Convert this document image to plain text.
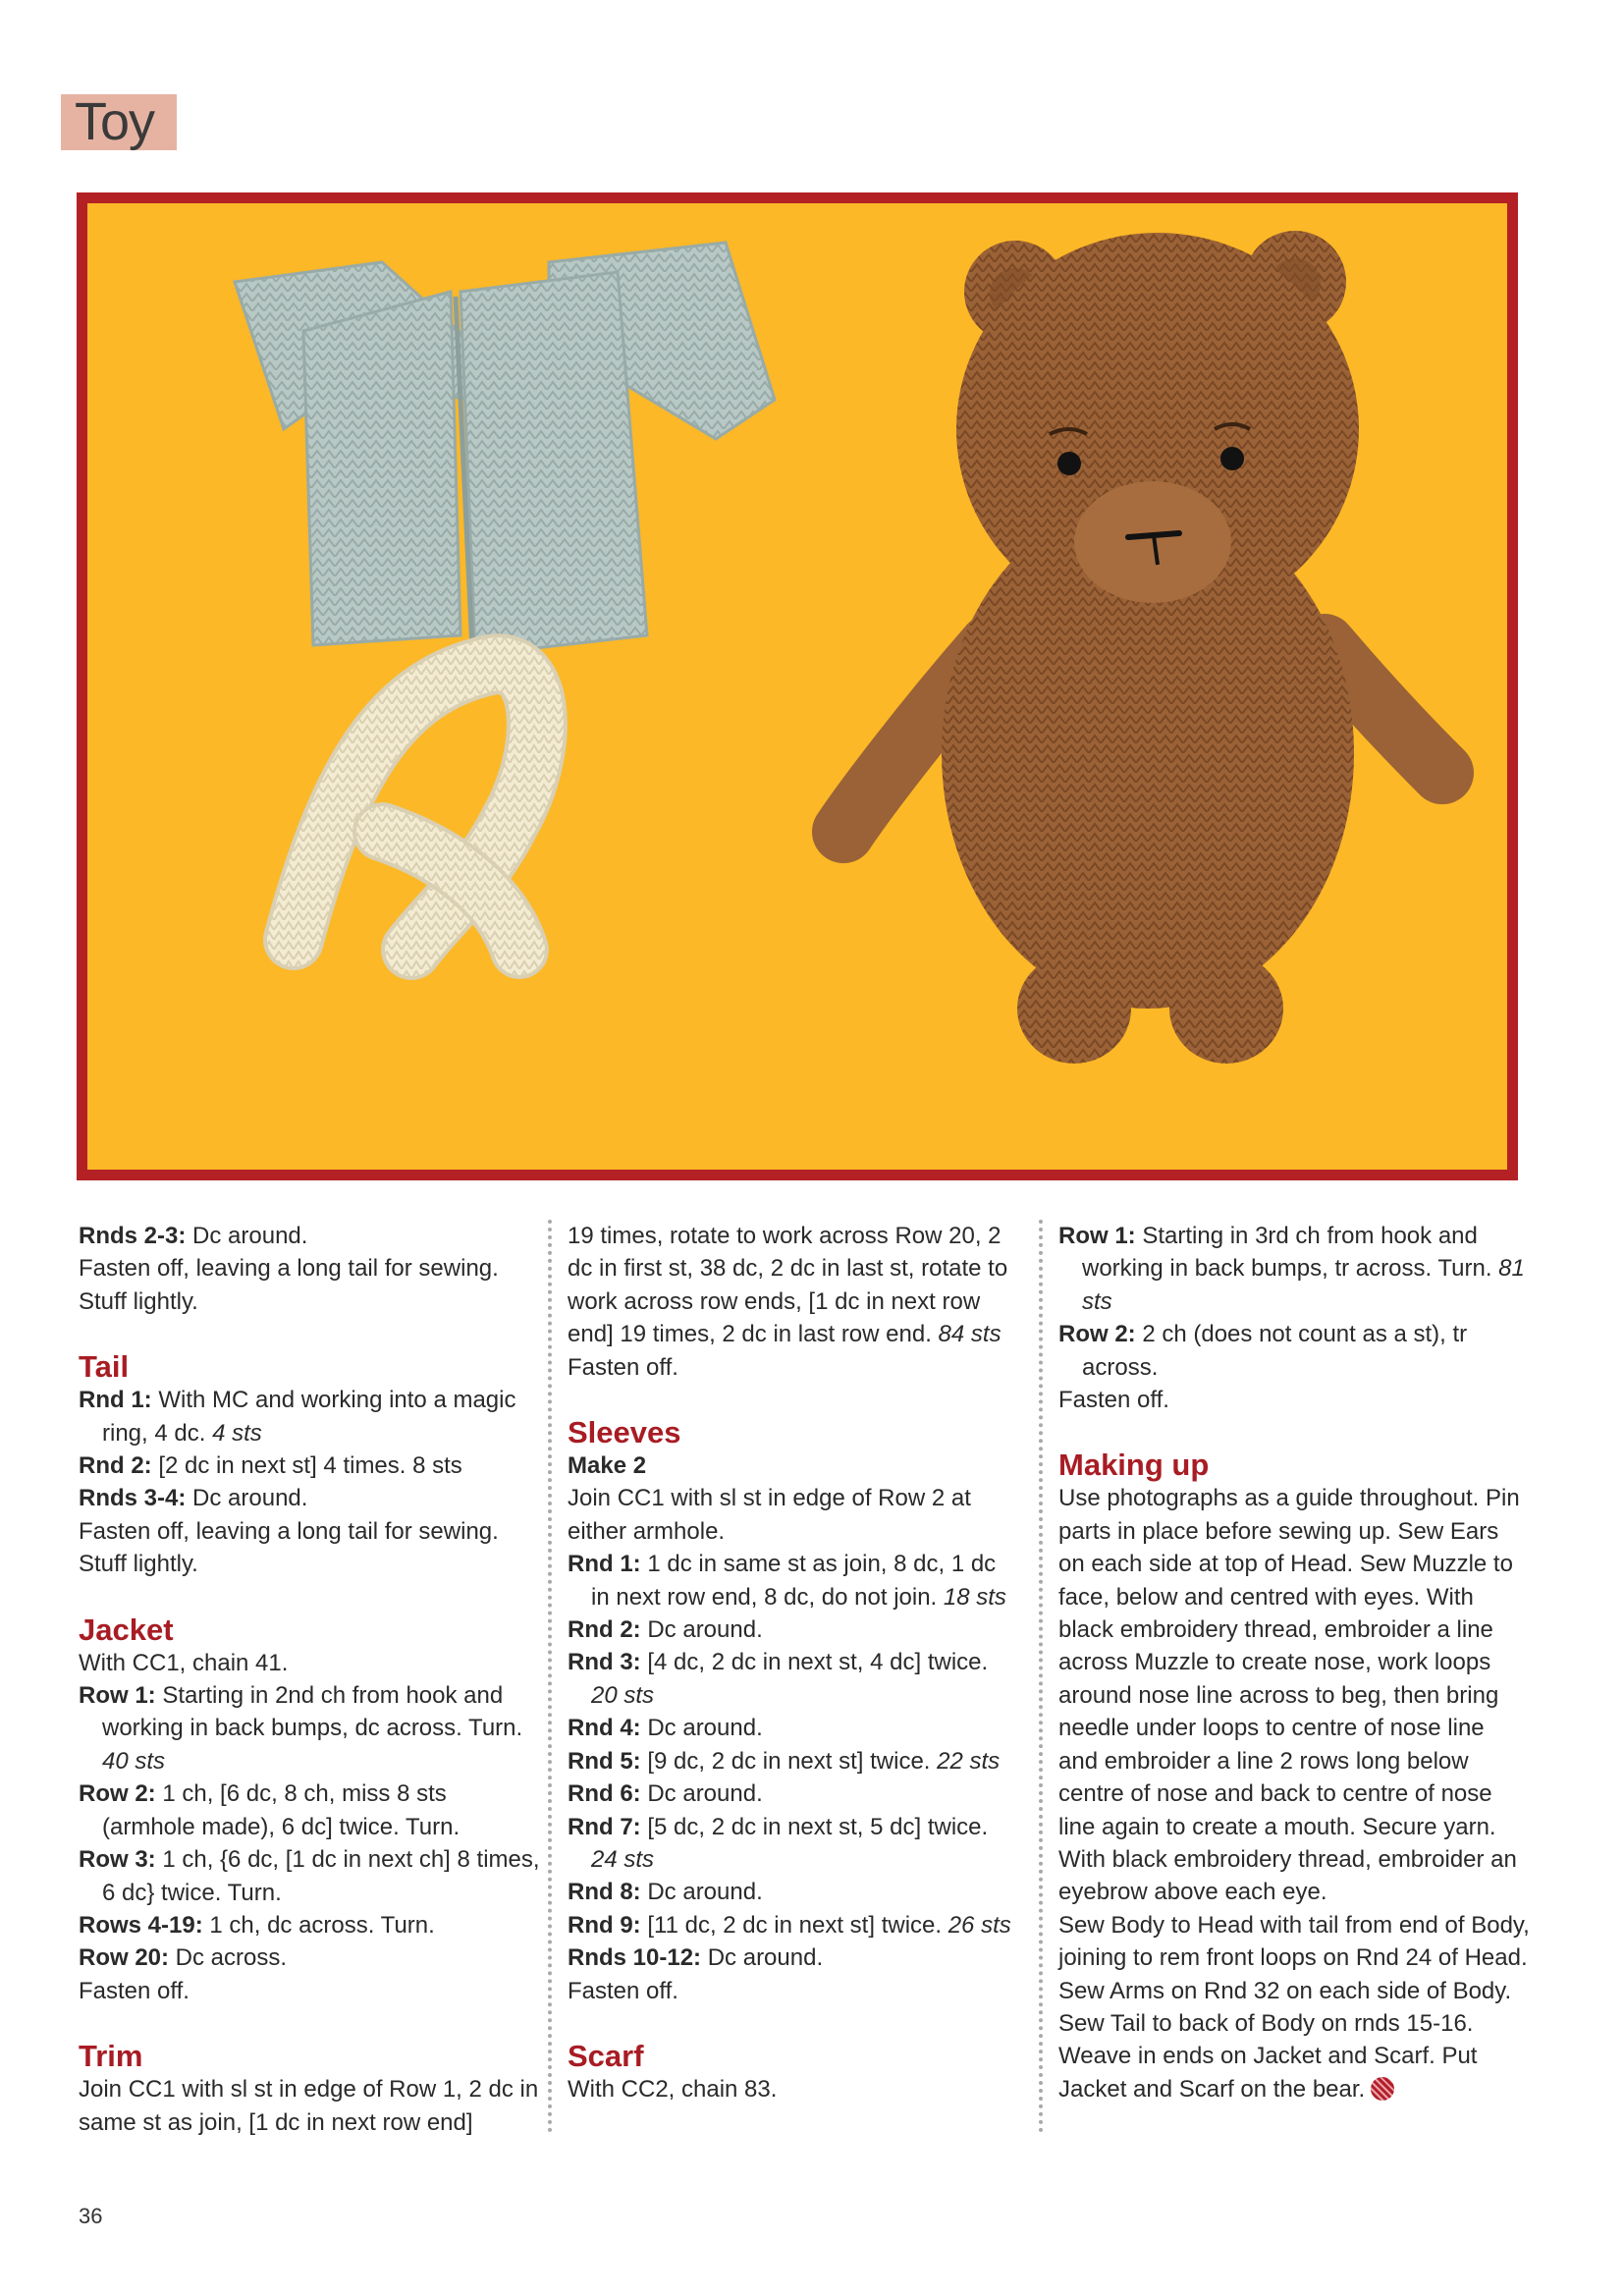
Toy

Rnds 2-3: Dc around.

Fasten off, leaving a long tail for sewing.

Stuff lightly.

Tail

Rnd 1: With MC and working into a magic ring, 4 dc. 4 sts

Rnd 2: [2 dc in next st] 4 times. 8 sts

Rnds 3-4: Dc around.

Fasten off, leaving a long tail for sewing.

Stuff lightly.

Jacket

With CC1, chain 41.

Row 1: Starting in 2nd ch from hook and working in back bumps, dc across. Turn. 40 sts

Row 2: 1 ch, [6 dc, 8 ch, miss 8 sts (armhole made), 6 dc] twice. Turn.

Row 3: 1 ch, {6 dc, [1 dc in next ch] 8 times, 6 dc} twice. Turn.

Rows 4-19: 1 ch, dc across. Turn.

Row 20: Dc across.

Fasten off.

Trim

Join CC1 with sl st in edge of Row 1, 2 dc in same st as join, [1 dc in next row end]

19 times, rotate to work across Row 20, 2 dc in first st, 38 dc, 2 dc in last st, rotate to work across row ends, [1 dc in next row end] 19 times, 2 dc in last row end. 84 sts

Fasten off.

Sleeves

Make 2

Join CC1 with sl st in edge of Row 2 at either armhole.

Rnd 1: 1 dc in same st as join, 8 dc, 1 dc in next row end, 8 dc, do not join. 18 sts

Rnd 2: Dc around.

Rnd 3: [4 dc, 2 dc in next st, 4 dc] twice. 20 sts

Rnd 4: Dc around.

Rnd 5: [9 dc, 2 dc in next st] twice. 22 sts

Rnd 6: Dc around.

Rnd 7: [5 dc, 2 dc in next st, 5 dc] twice. 24 sts

Rnd 8: Dc around.

Rnd 9: [11 dc, 2 dc in next st] twice. 26 sts

Rnds 10-12: Dc around.

Fasten off.

Scarf

With CC2, chain 83.

Row 1: Starting in 3rd ch from hook and working in back bumps, tr across. Turn. 81 sts

Row 2: 2 ch (does not count as a st), tr across.

Fasten off.

Making up

Use photographs as a guide throughout. Pin parts in place before sewing up. Sew Ears on each side at top of Head. Sew Muzzle to face, below and centred with eyes. With black embroidery thread, embroider a line across Muzzle to create nose, work loops around nose line across to beg, then bring needle under loops to centre of nose line and embroider a line 2 rows long below centre of nose and back to centre of nose line again to create a mouth. Secure yarn. With black embroidery thread, embroider an eyebrow above each eye.

Sew Body to Head with tail from end of Body, joining to rem front loops on Rnd 24 of Head. Sew Arms on Rnd 32 on each side of Body. Sew Tail to back of Body on rnds 15-16. Weave in ends on Jacket and Scarf. Put Jacket and Scarf on the bear.

36
